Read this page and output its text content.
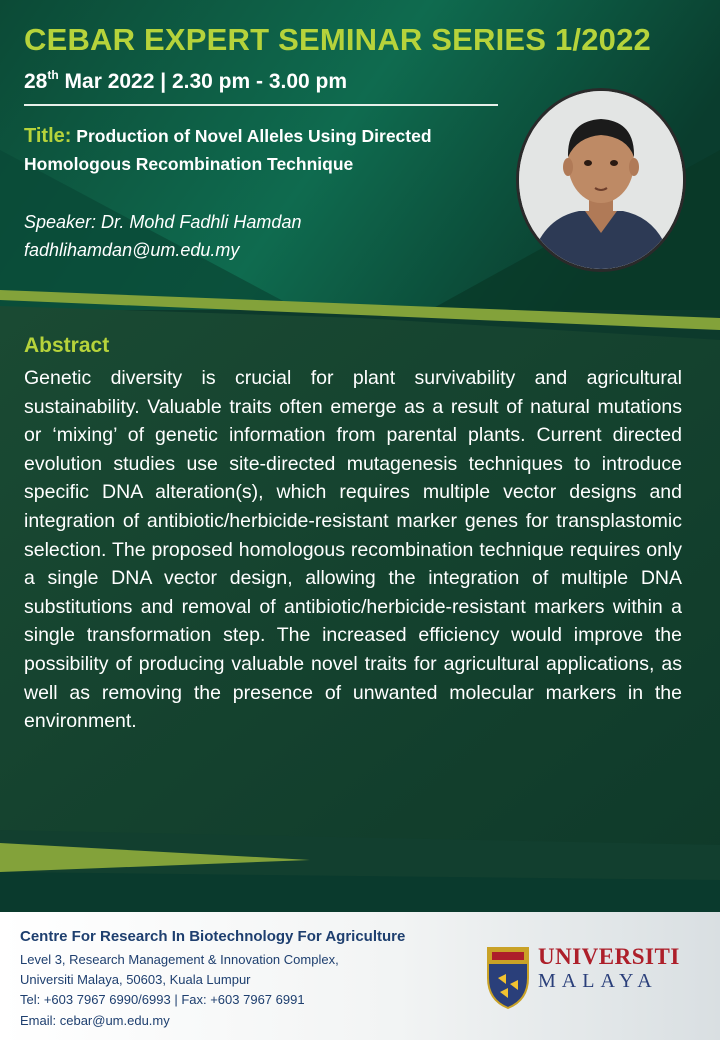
CEBAR EXPERT SEMINAR SERIES 1/2022
28th Mar 2022 | 2.30 pm - 3.00 pm
Title: Production of Novel Alleles Using Directed Homologous Recombination Technique
Speaker: Dr. Mohd Fadhli Hamdan
fadhlihamdan@um.edu.my
Abstract

Genetic diversity is crucial for plant survivability and agricultural sustainability. Valuable traits often emerge as a result of natural mutations or ‘mixing’ of genetic information from parental plants. Current directed evolution studies use site-directed mutagenesis techniques to introduce specific DNA alteration(s), which requires multiple vector designs and integration of antibiotic/herbicide-resistant marker genes for transplastomic selection. The proposed homologous recombination technique requires only a single DNA vector design, allowing the integration of multiple DNA substitutions and removal of antibiotic/herbicide-resistant markers within a single transformation step. The increased efficiency would improve the possibility of producing valuable novel traits for agricultural applications, as well as removing the presence of unwanted molecular markers in the environment.

Centre For Research In Biotechnology For Agriculture
Level 3, Research Management & Innovation Complex,
Universiti Malaya, 50603, Kuala Lumpur
Tel: +603 7967 6990/6993 | Fax: +603 7967 6991
Email: cebar@um.edu.my
UNIVERSITI
MALAYA
